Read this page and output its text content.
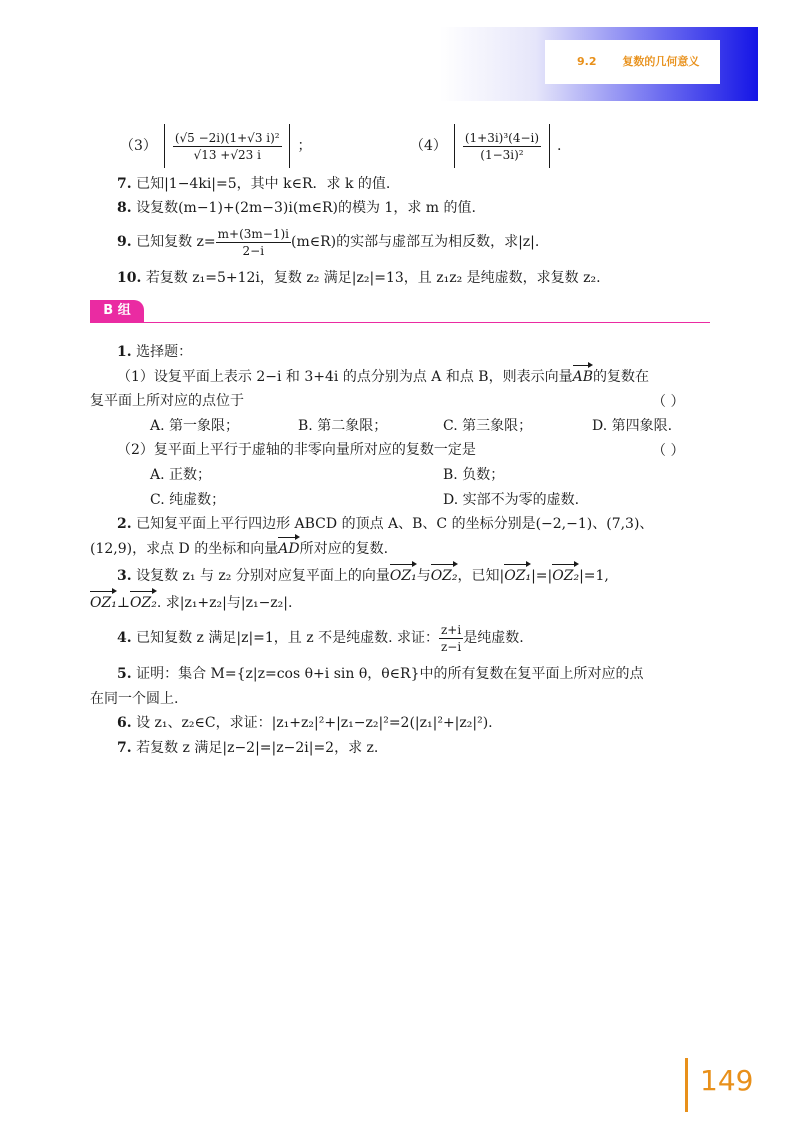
9.2 复数的几何意义
$(3) \frac{\text{(√5 −2i)(1+√3 i)²}}{√13 +√23 i}$ ；	$(4) \frac{\text{(1+3i)³(4−i)}}{\text{(1−3i)²}}$ .
7. 已知|1−4ki|=5，其中 k∈R．求 k 的值.
8. 设复数(m−1)+(2m−3)i(m∈R)的模为 1，求 m 的值.
9. 已知复数 $z= \frac{m+(3m-1)i}{2-i}$ (m∈R)的实部与虚部互为相反数，求|z|.
10. 若复数 z₁=5+12i，复数 z₂ 满足|z₂|=13，且 z₁z₂ 是纯虚数，求复数 z₂.
B 组
1. 选择题：
（1）设复平面上表示 2−i 和 3+4i 的点分别为点 A 和点 B，则表示向量AB的复数在
复平面上所对应的点位于	（ ）
A. 第一象限；	B. 第二象限；	C. 第三象限；	D. 第四象限.
（2）复平面上平行于虚轴的非零向量所对应的复数一定是	（ ）
A. 正数；	B. 负数；
C. 纯虚数；	D. 实部不为零的虚数.
2. 已知复平面上平行四边形 ABCD 的顶点 A、B、C 的坐标分别是(−2,−1)、(7,3)、
(12,9)，求点 D 的坐标和向量AD所对应的复数.
3. 设复数 z₁ 与 z₂ 分别对应复平面上的向量OZ₁与OZ₂，已知|OZ₁|=|OZ₂|=1,
OZ₁⊥OZ₂. 求|z₁+z₂|与|z₁−z₂|.
4. 已知复数 z 满足|z|=1，且 z 不是纯虚数. 求证： $\frac{z+i}{z-i}$ 是纯虚数.
5. 证明：集合 M={z|z=cos θ+i sin θ，θ∈R}中的所有复数在复平面上所对应的点
在同一个圆上.
6. 设 z₁、z₂∈C，求证：|z₁+z₂|²+|z₁−z₂|²=2(|z₁|²+|z₂|²).
7. 若复数 z 满足|z−2|=|z−2i|=2，求 z.
149
